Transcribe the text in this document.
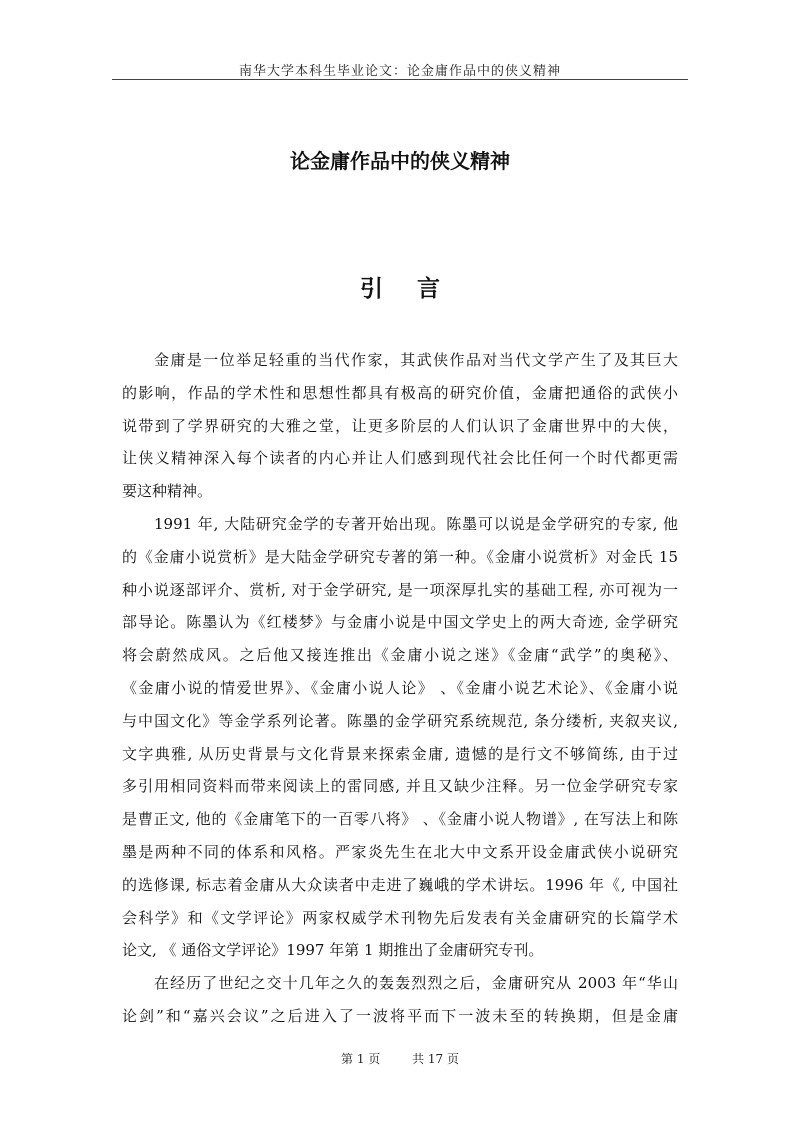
南华大学本科生毕业论文：论金庸作品中的侠义精神
论金庸作品中的侠义精神
引言
金庸是一位举足轻重的当代作家，其武侠作品对当代文学产生了及其巨大
的影响，作品的学术性和思想性都具有极高的研究价值，金庸把通俗的武侠小
说带到了学界研究的大雅之堂，让更多阶层的人们认识了金庸世界中的大侠，
让侠义精神深入每个读者的内心并让人们感到现代社会比任何一个时代都更需
要这种精神。
1991 年, 大陆研究金学的专著开始出现。陈墨可以说是金学研究的专家, 他
的《金庸小说赏析》是大陆金学研究专著的第一种。《金庸小说赏析》对金氏 15
种小说逐部评介、赏析, 对于金学研究, 是一项深厚扎实的基础工程, 亦可视为一
部导论。陈墨认为《红楼梦》与金庸小说是中国文学史上的两大奇迹, 金学研究
将会蔚然成风。之后他又接连推出《金庸小说之迷》《金庸“武学”的奥秘》、
《金庸小说的情爱世界》、《金庸小说人论》 、《金庸小说艺术论》、《金庸小说
与中国文化》等金学系列论著。陈墨的金学研究系统规范, 条分缕析, 夹叙夹议,
文字典雅, 从历史背景与文化背景来探索金庸, 遗憾的是行文不够简练, 由于过
多引用相同资料而带来阅读上的雷同感, 并且又缺少注释。另一位金学研究专家
是曹正文, 他的《金庸笔下的一百零八将》 、《金庸小说人物谱》, 在写法上和陈
墨是两种不同的体系和风格。严家炎先生在北大中文系开设金庸武侠小说研究
的选修课, 标志着金庸从大众读者中走进了巍峨的学术讲坛。1996 年《, 中国社
会科学》和《文学评论》两家权威学术刊物先后发表有关金庸研究的长篇学术
论文, 《 通俗文学评论》1997 年第 1 期推出了金庸研究专刊。
在经历了世纪之交十几年之久的轰轰烈烈之后，金庸研究从 2003 年“华山
论剑”和“嘉兴会议”之后进入了一波将平而下一波未至的转换期，但是金庸
第 1 页	共 17 页
